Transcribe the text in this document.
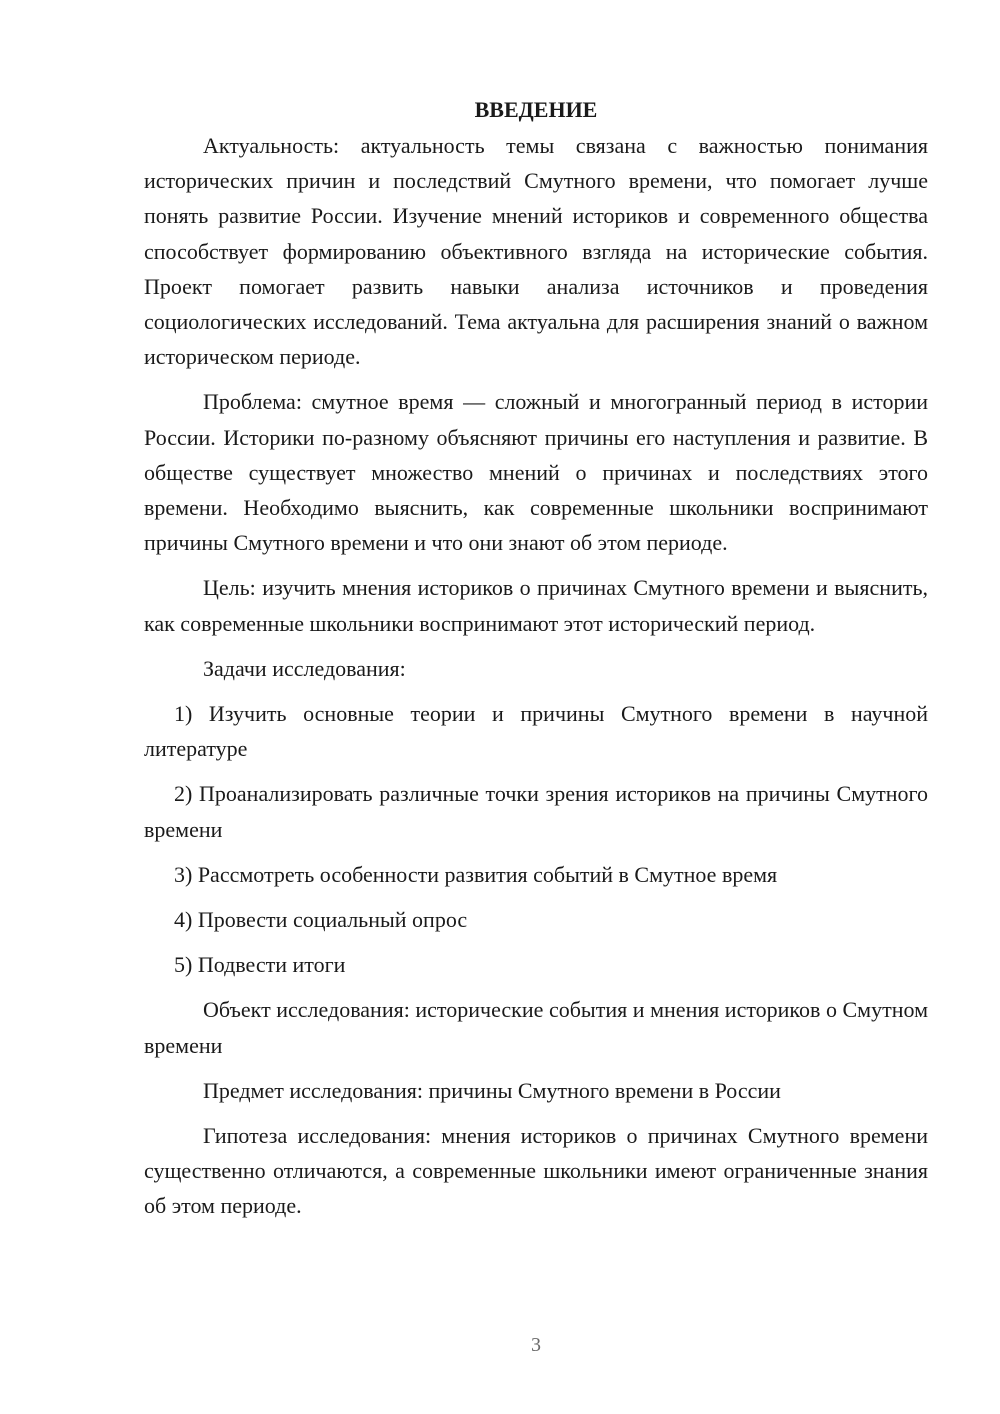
ВВЕДЕНИЕ

Актуальность: актуальность темы связана с важностью понимания исторических причин и последствий Смутного времени, что помогает лучше понять развитие России. Изучение мнений историков и современного общества способствует формированию объективного взгляда на исторические события. Проект помогает развить навыки анализа источников и проведения социологических исследований. Тема актуальна для расширения знаний о важном историческом периоде.

Проблема: смутное время — сложный и многогранный период в истории России. Историки по-разному объясняют причины его наступления и развитие. В обществе существует множество мнений о причинах и последствиях этого времени. Необходимо выяснить, как современные школьники воспринимают причины Смутного времени и что они знают об этом периоде.

Цель: изучить мнения историков о причинах Смутного времени и выяснить, как современные школьники воспринимают этот исторический период.

Задачи исследования:

1) Изучить основные теории и причины Смутного времени в научной литературе

2) Проанализировать различные точки зрения историков на причины Смутного времени

3) Рассмотреть особенности развития событий в Смутное время

4) Провести социальный опрос

5) Подвести итоги

Объект исследования: исторические события и мнения историков о Смутном времени

Предмет исследования: причины Смутного времени в России

Гипотеза исследования: мнения историков о причинах Смутного времени существенно отличаются, а современные школьники имеют ограниченные знания об этом периоде.

3
